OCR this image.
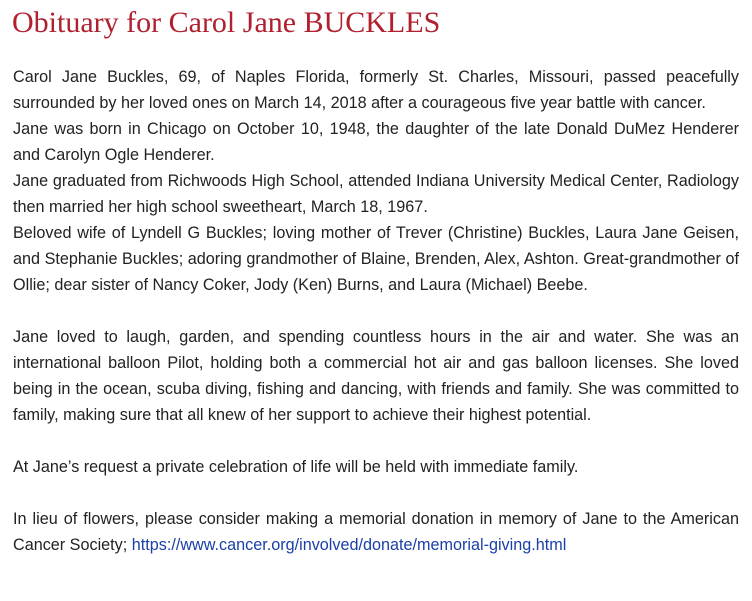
Obituary for Carol Jane BUCKLES

Carol Jane Buckles, 69, of Naples Florida, formerly St. Charles, Missouri, passed peacefully surrounded by her loved ones on March 14, 2018 after a courageous five year battle with cancer.

Jane was born in Chicago on October 10, 1948, the daughter of the late Donald DuMez Henderer and Carolyn Ogle Henderer.

Jane graduated from Richwoods High School, attended Indiana University Medical Center, Radiology then married her high school sweetheart, March 18, 1967.

Beloved wife of Lyndell G Buckles; loving mother of Trever (Christine) Buckles, Laura Jane Geisen, and Stephanie Buckles; adoring grandmother of Blaine, Brenden, Alex, Ashton. Great-grandmother of Ollie; dear sister of Nancy Coker, Jody (Ken) Burns, and Laura (Michael) Beebe.

Jane loved to laugh, garden, and spending countless hours in the air and water. She was an international balloon Pilot, holding both a commercial hot air and gas balloon licenses. She loved being in the ocean, scuba diving, fishing and dancing, with friends and family. She was committed to family, making sure that all knew of her support to achieve their highest potential.

At Jane’s request a private celebration of life will be held with immediate family.

In lieu of flowers, please consider making a memorial donation in memory of Jane to the American Cancer Society; https://www.cancer.org/involved/donate/memorial-giving.html
